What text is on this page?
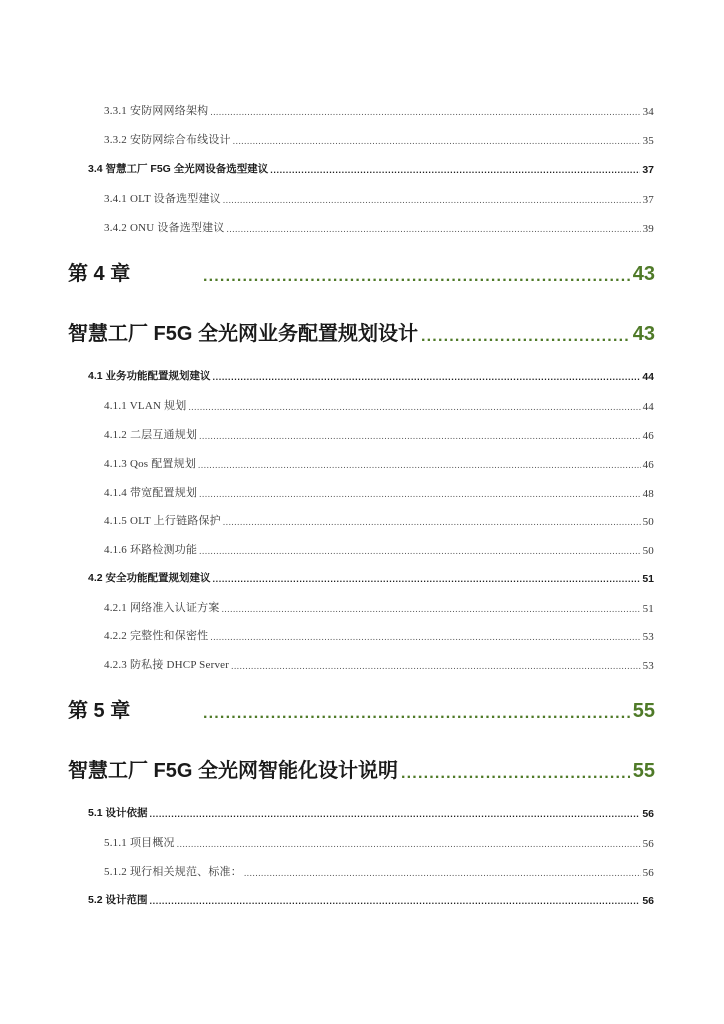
3.3.1 安防网网络架构 .....	34
3.3.2 安防网综合布线设计 .....	35
3.4 智慧工厂 F5G 全光网设备选型建议 .....	37
3.4.1 OLT 设备选型建议 .....	37
3.4.2 ONU 设备选型建议 .....	39
第 4 章 .....	43
智慧工厂 F5G 全光网业务配置规划设计 .....	43
4.1 业务功能配置规划建议 .....	44
4.1.1 VLAN 规划 .....	44
4.1.2 二层互通规划 .....	46
4.1.3 Qos 配置规划 .....	46
4.1.4 带宽配置规划 .....	48
4.1.5 OLT 上行链路保护 .....	50
4.1.6 环路检测功能 .....	50
4.2 安全功能配置规划建议 .....	51
4.2.1 网络准入认证方案 .....	51
4.2.2 完整性和保密性 .....	53
4.2.3 防私接 DHCP Server .....	53
第 5 章 .....	55
智慧工厂 F5G 全光网智能化设计说明 .....	55
5.1 设计依据 .....	56
5.1.1 项目概况 .....	56
5.1.2 现行相关规范、标准： .....	56
5.2 设计范围 .....	56
